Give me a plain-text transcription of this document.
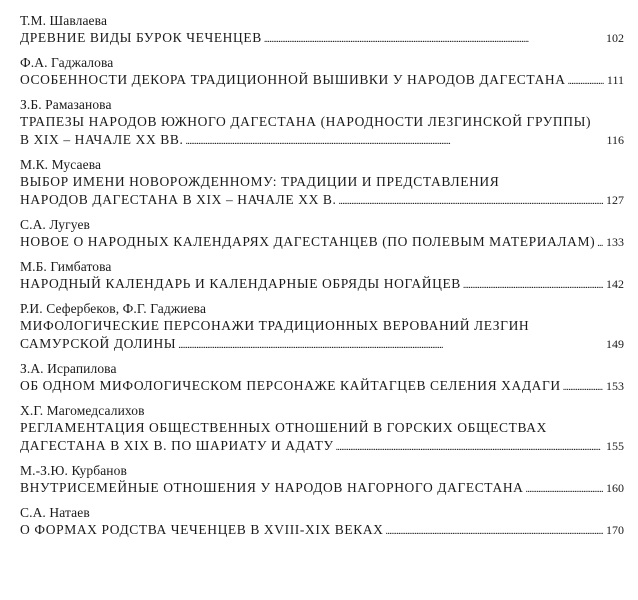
Т.М. Шавлаева
ДРЕВНИЕ ВИДЫ БУРОК ЧЕЧЕНЦЕВ . . .	102
Ф.А. Гаджалова
ОСОБЕННОСТИ ДЕКОРА ТРАДИЦИОННОЙ ВЫШИВКИ У НАРОДОВ ДАГЕСТАНА . . .	111
З.Б. Рамазанова
ТРАПЕЗЫ НАРОДОВ ЮЖНОГО ДАГЕСТАНА (НАРОДНОСТИ ЛЕЗГИНСКОЙ ГРУППЫ)
В XIX – НАЧАЛЕ XX ВВ. . . .	116
М.К. Мусаева
ВЫБОР ИМЕНИ НОВОРОЖДЕННОМУ: ТРАДИЦИИ И ПРЕДСТАВЛЕНИЯ
НАРОДОВ ДАГЕСТАНА В XIX – НАЧАЛЕ XX В. . . .	127
С.А. Лугуев
НОВОЕ О НАРОДНЫХ КАЛЕНДАРЯХ ДАГЕСТАНЦЕВ (ПО ПОЛЕВЫМ МАТЕРИАЛАМ) . . . 133
М.Б. Гимбатова
НАРОДНЫЙ КАЛЕНДАРЬ И КАЛЕНДАРНЫЕ ОБРЯДЫ НОГАЙЦЕВ . . .	142
Р.И. Сефербеков, Ф.Г. Гаджиева
МИФОЛОГИЧЕСКИЕ ПЕРСОНАЖИ ТРАДИЦИОННЫХ ВЕРОВАНИЙ ЛЕЗГИН
САМУРСКОЙ ДОЛИНЫ . . .	149
З.А. Исрапилова
ОБ ОДНОМ МИФОЛОГИЧЕСКОМ ПЕРСОНАЖЕ КАЙТАГЦЕВ СЕЛЕНИЯ ХАДАГИ . . .	153
Х.Г. Магомедсалихов
РЕГЛАМЕНТАЦИЯ ОБЩЕСТВЕННЫХ ОТНОШЕНИЙ В ГОРСКИХ ОБЩЕСТВАХ
ДАГЕСТАНА В XIX В. ПО ШАРИАТУ И АДАТУ . . .	155
М.-З.Ю. Курбанов
ВНУТРИСЕМЕЙНЫЕ ОТНОШЕНИЯ У НАРОДОВ НАГОРНОГО ДАГЕСТАНА . . .	160
С.А. Натаев
О ФОРМАХ РОДСТВА ЧЕЧЕНЦЕВ В XVIII-XIX ВЕКАХ . . .	170
